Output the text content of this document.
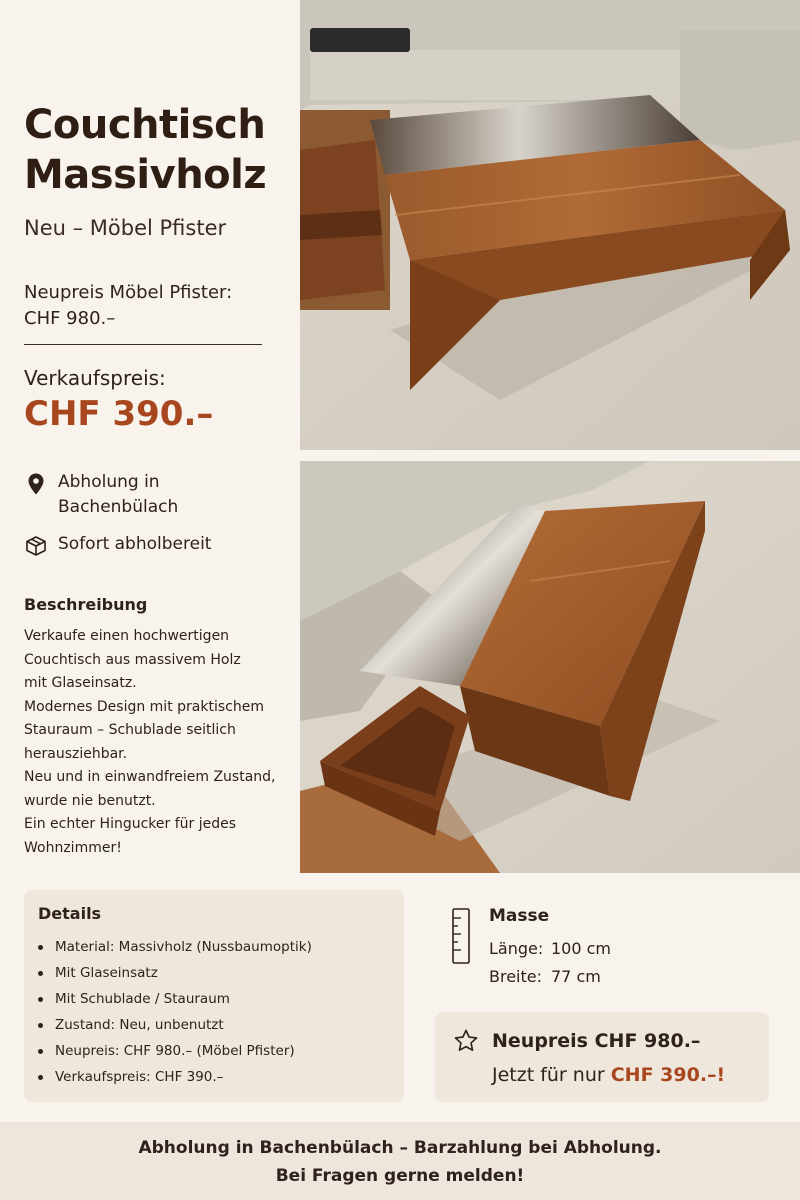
Couchtisch
Massivholz
Neu – Möbel Pfister
Neupreis Möbel Pfister:
CHF 980.–
Verkaufspreis:
CHF 390.–
Abholung in
Bachenbülach
Sofort abholbereit
Beschreibung
Verkaufe einen hochwertigen
Couchtisch aus massivem Holz
mit Glaseinsatz.
Modernes Design mit praktischem
Stauraum – Schublade seitlich
herausziehbar.
Neu und in einwandfreiem Zustand,
wurde nie benutzt.
Ein echter Hingucker für jedes
Wohnzimmer!
Details
Material: Massivholz (Nussbaumoptik)
Mit Glaseinsatz
Mit Schublade / Stauraum
Zustand: Neu, unbenutzt
Neupreis: CHF 980.– (Möbel Pfister)
Verkaufspreis: CHF 390.–
Masse
Länge: 100 cm
Breite: 77 cm
Neupreis CHF 980.–
Jetzt für nur CHF 390.–!
Abholung in Bachenbülach – Barzahlung bei Abholung.
Bei Fragen gerne melden!
